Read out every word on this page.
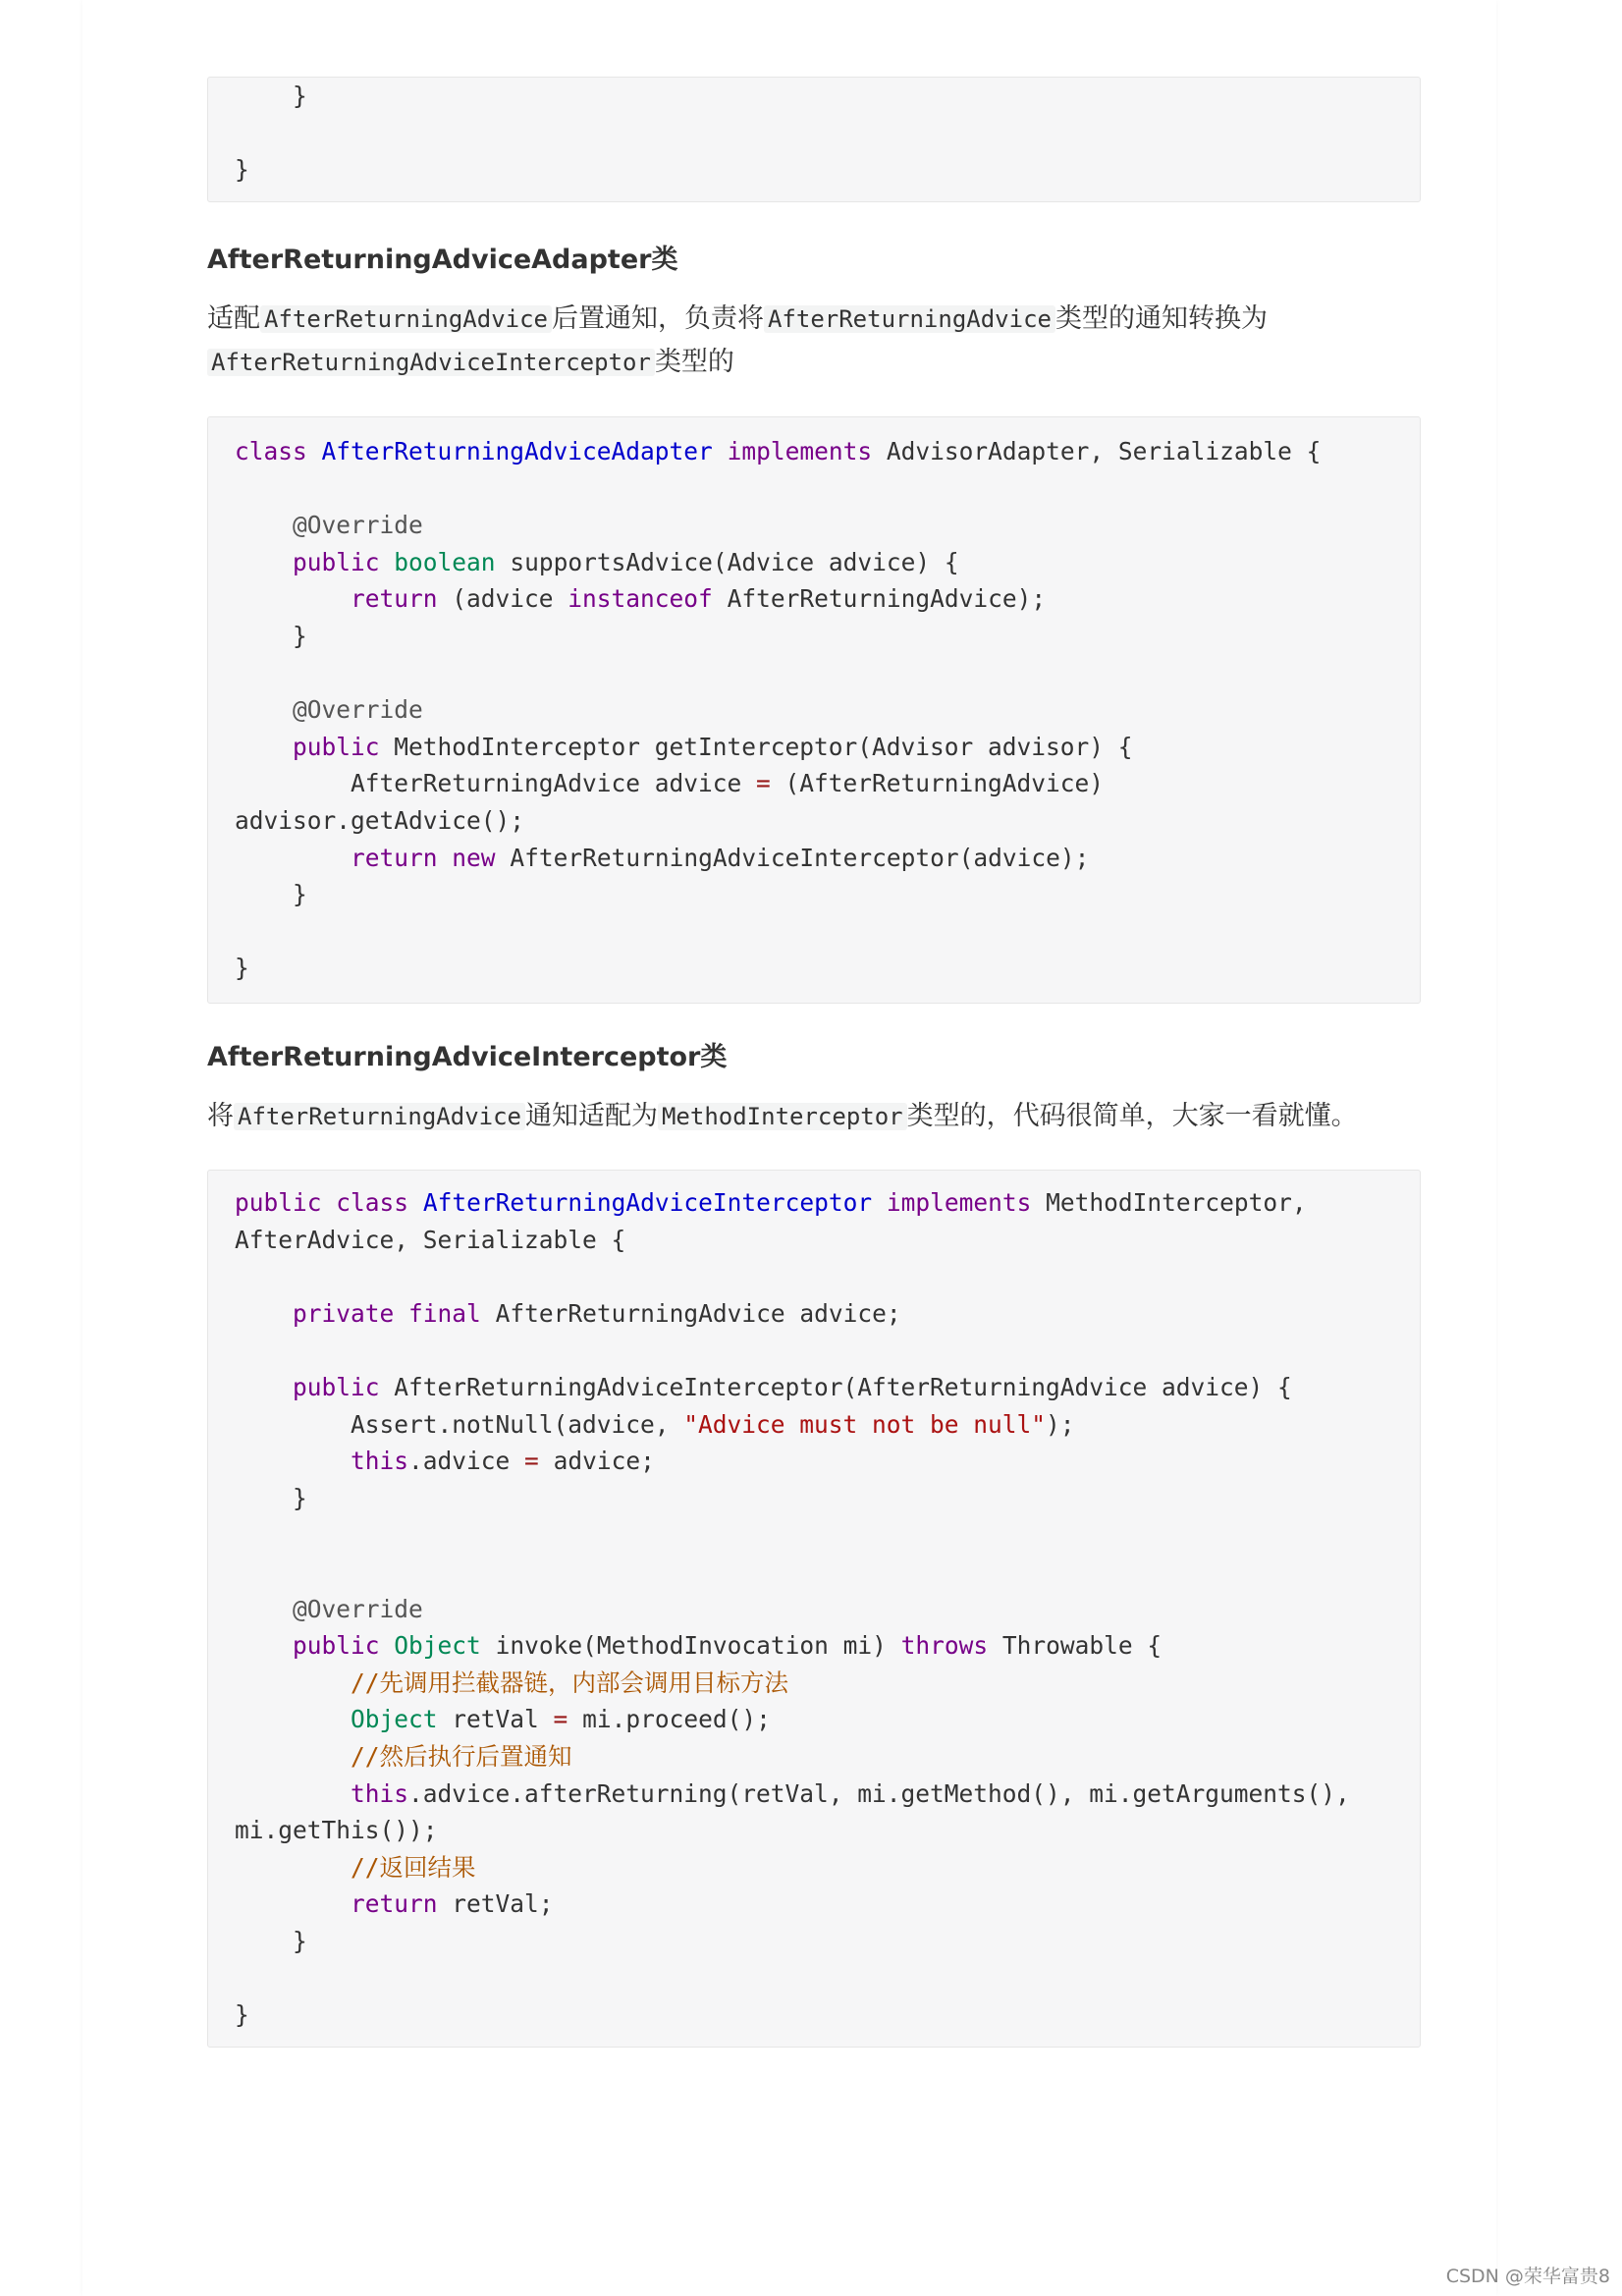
}

}
AfterReturningAdviceAdapter类
适配 AfterReturningAdvice 后置通知，负责将 AfterReturningAdvice 类型的通知转换为
AfterReturningAdviceInterceptor 类型的
class AfterReturningAdviceAdapter implements AdvisorAdapter, Serializable {

@Override
public boolean supportsAdvice(Advice advice) {
return (advice instanceof AfterReturningAdvice);
}

@Override
public MethodInterceptor getInterceptor(Advisor advisor) {
AfterReturningAdvice advice = (AfterReturningAdvice)
advisor.getAdvice();
return new AfterReturningAdviceInterceptor(advice);
}

}
AfterReturningAdviceInterceptor类
将 AfterReturningAdvice 通知适配为 MethodInterceptor 类型的，代码很简单，大家一看就懂。
public class AfterReturningAdviceInterceptor implements MethodInterceptor,
AfterAdvice, Serializable {

private final AfterReturningAdvice advice;

public AfterReturningAdviceInterceptor(AfterReturningAdvice advice) {
Assert.notNull(advice, "Advice must not be null");
this.advice = advice;
}

@Override
public Object invoke(MethodInvocation mi) throws Throwable {
//先调用拦截器链，内部会调用目标方法
Object retVal = mi.proceed();
//然后执行后置通知
this.advice.afterReturning(retVal, mi.getMethod(), mi.getArguments(),
mi.getThis());
//返回结果
return retVal;
}

}
CSDN @荣华富贵8
